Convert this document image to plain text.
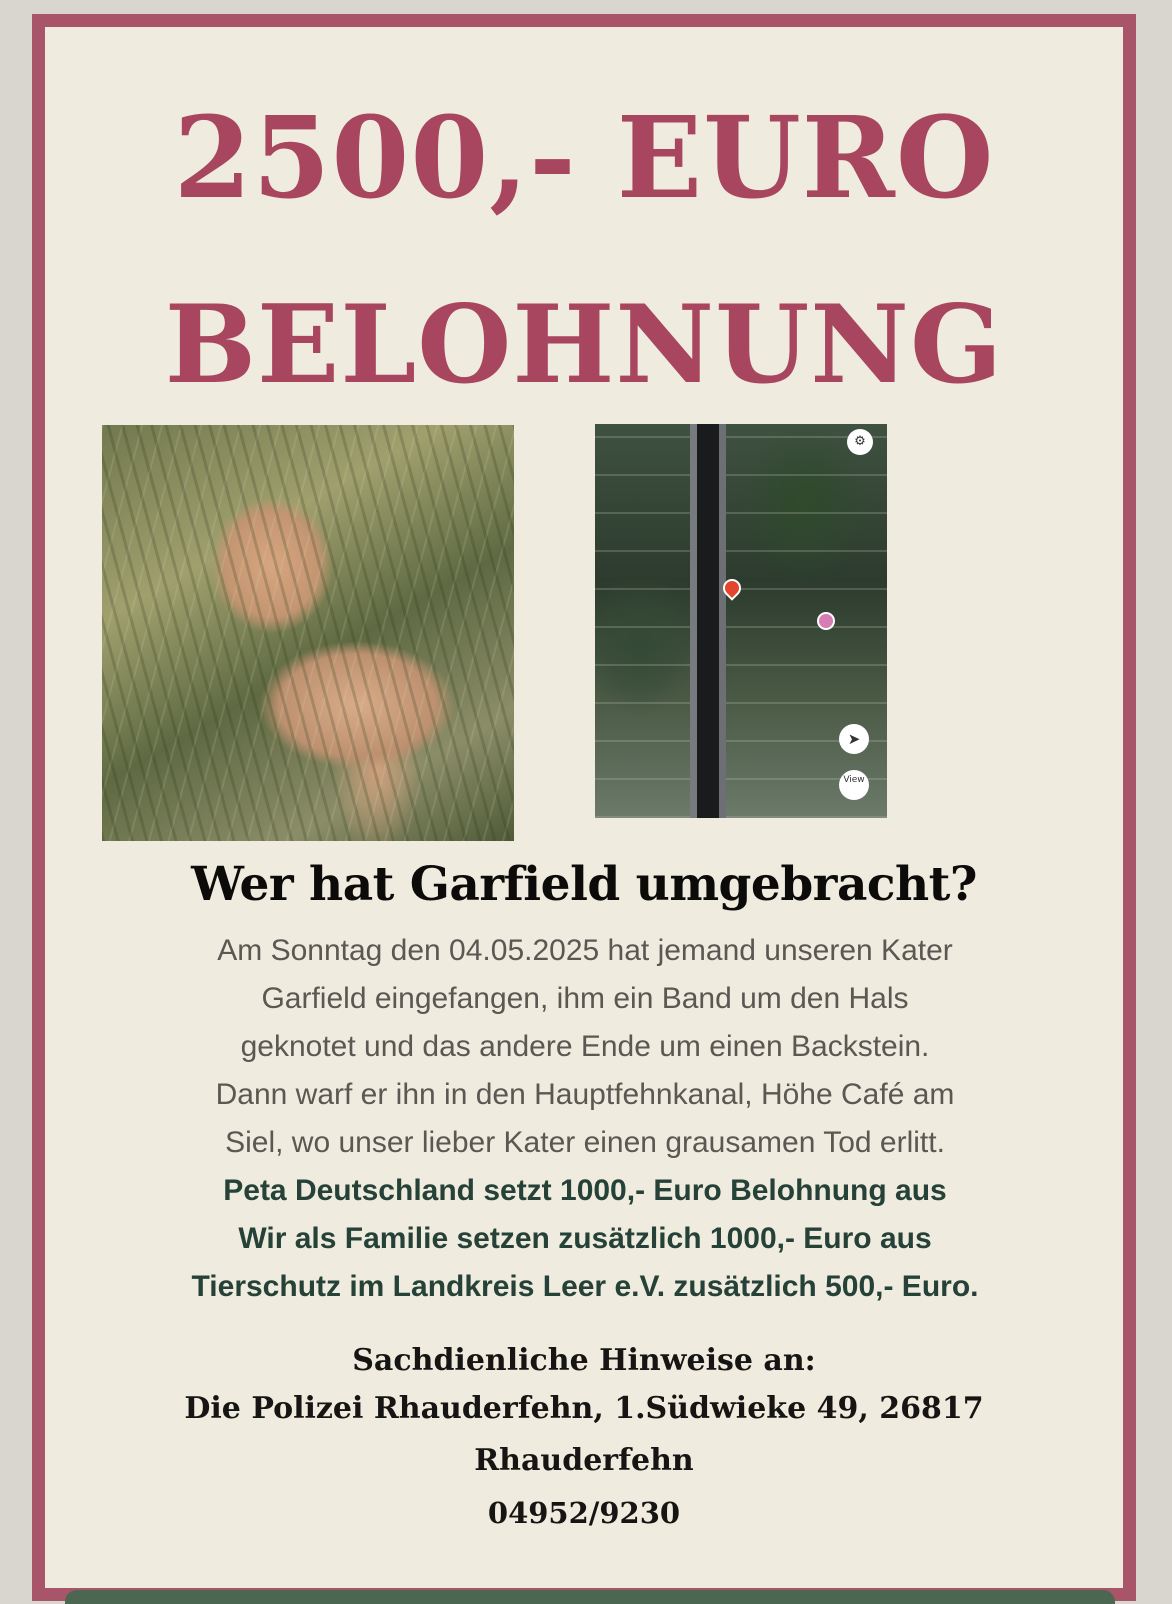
2500,- EURO
BELOHNUNG
⚙
➤
View
Wer hat Garfield umgebracht?

Am Sonntag den 04.05.2025 hat jemand unseren Kater
Garfield eingefangen, ihm ein Band um den Hals
geknotet und das andere Ende um einen Backstein.
Dann warf er ihn in den Hauptfehnkanal, Höhe Café am
Siel, wo unser lieber Kater einen grausamen Tod erlitt.

Peta Deutschland setzt 1000,- Euro Belohnung aus
Wir als Familie setzen zusätzlich 1000,- Euro aus
Tierschutz im Landkreis Leer e.V. zusätzlich 500,- Euro.

Sachdienliche Hinweise an:
Die Polizei Rhauderfehn, 1.Südwieke 49, 26817
Rhauderfehn
04952/9230
